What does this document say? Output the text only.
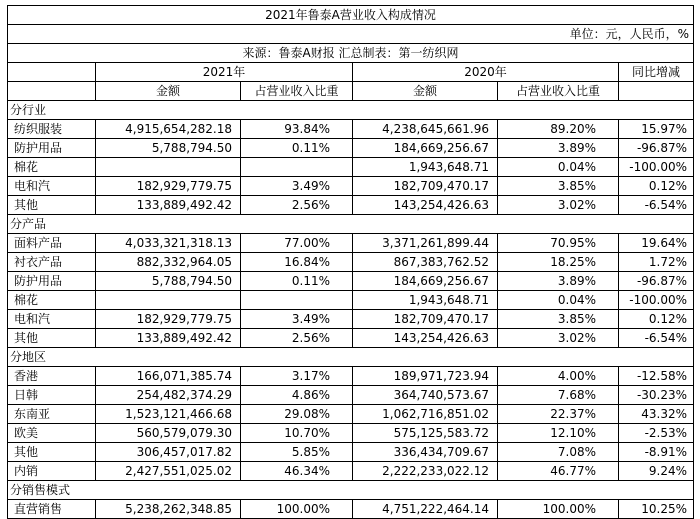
2021年鲁泰A营业收入构成情况					
单位：元，人民币，%					
来源：鲁泰A财报 汇总制表：第一纺织网					
	2021年		2020年		同比增减
	金额	占营业收入比重	金额	占营业收入比重	
分行业					
纺织服装	4,915,654,282.18	93.84%	4,238,645,661.96	89.20%	15.97%
防护用品	5,788,794.50	0.11%	184,669,256.67	3.89%	-96.87%
棉花			1,943,648.71	0.04%	-100.00%
电和汽	182,929,779.75	3.49%	182,709,470.17	3.85%	0.12%
其他	133,889,492.42	2.56%	143,254,426.63	3.02%	-6.54%
分产品					
面料产品	4,033,321,318.13	77.00%	3,371,261,899.44	70.95%	19.64%
衬衣产品	882,332,964.05	16.84%	867,383,762.52	18.25%	1.72%
防护用品	5,788,794.50	0.11%	184,669,256.67	3.89%	-96.87%
棉花			1,943,648.71	0.04%	-100.00%
电和汽	182,929,779.75	3.49%	182,709,470.17	3.85%	0.12%
其他	133,889,492.42	2.56%	143,254,426.63	3.02%	-6.54%
分地区					
香港	166,071,385.74	3.17%	189,971,723.94	4.00%	-12.58%
日韩	254,482,374.29	4.86%	364,740,573.67	7.68%	-30.23%
东南亚	1,523,121,466.68	29.08%	1,062,716,851.02	22.37%	43.32%
欧美	560,579,079.30	10.70%	575,125,583.72	12.10%	-2.53%
其他	306,457,017.82	5.85%	336,434,709.67	7.08%	-8.91%
内销	2,427,551,025.02	46.34%	2,222,233,022.12	46.77%	9.24%
分销售模式					
直营销售	5,238,262,348.85	100.00%	4,751,222,464.14	100.00%	10.25%
